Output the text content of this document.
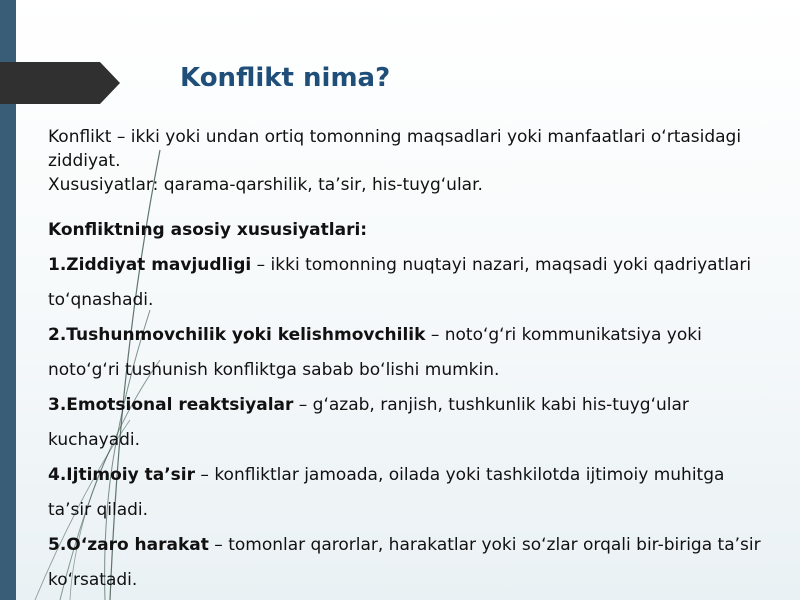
Konflikt nima?

Konflikt – ikki yoki undan ortiq tomonning maqsadlari yoki manfaatlari o‘rtasidagi ziddiyat.

Xususiyatlar: qarama-qarshilik, ta’sir, his-tuyg‘ular.

Konfliktning asosiy xususiyatlari:

1.Ziddiyat mavjudligi – ikki tomonning nuqtayi nazari, maqsadi yoki qadriyatlari to‘qnashadi.

2.Tushunmovchilik yoki kelishmovchilik – noto‘g‘ri kommunikatsiya yoki noto‘g‘ri tushunish konfliktga sabab bo‘lishi mumkin.

3.Emotsional reaktsiyalar – g‘azab, ranjish, tushkunlik kabi his-tuyg‘ular kuchayadi.

4.Ijtimoiy ta’sir – konfliktlar jamoada, oilada yoki tashkilotda ijtimoiy muhitga ta’sir qiladi.

5.O‘zaro harakat – tomonlar qarorlar, harakatlar yoki so‘zlar orqali bir-biriga ta’sir ko‘rsatadi.
